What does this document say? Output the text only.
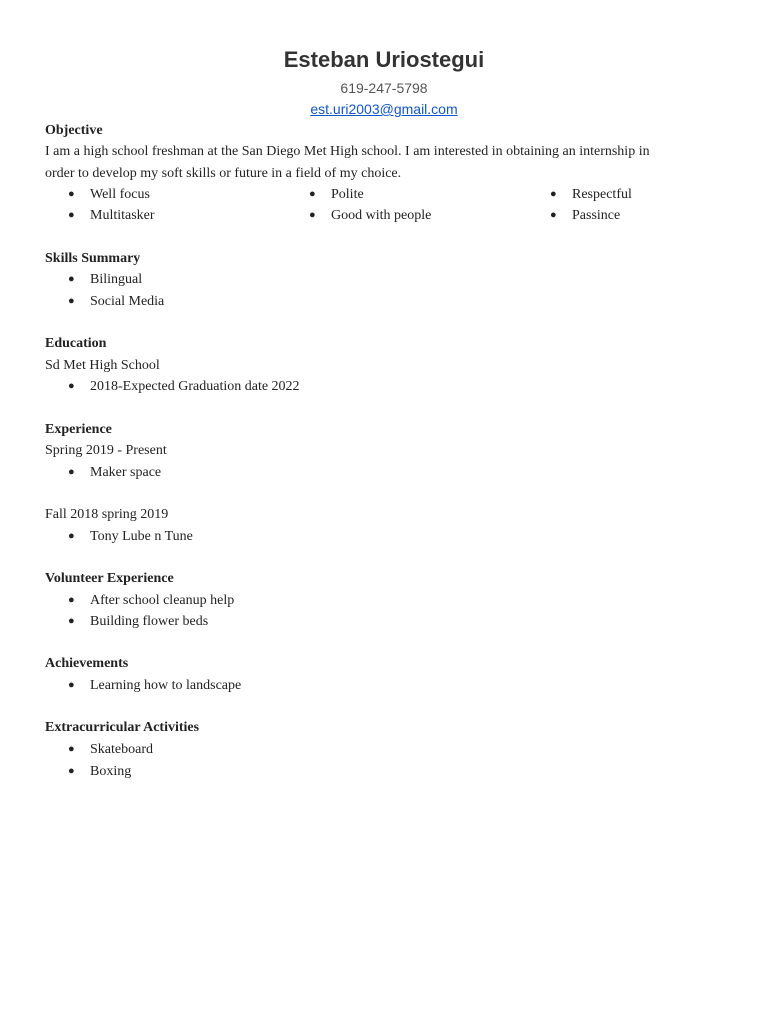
Esteban Uriostegui
619-247-5798
est.uri2003@gmail.com
Objective
I am a high school freshman at the San Diego Met High school. I am interested in obtaining an internship in
order to develop my soft skills or future in a field of my choice.
● Well focus	● Polite	● Respectful
● Multitasker	● Good with people	● Passince
Skills Summary
● Bilingual
● Social Media
Education
Sd Met High School
● 2018-Expected Graduation date 2022
Experience
Spring 2019 - Present
● Maker space
Fall 2018 spring 2019
● Tony Lube n Tune
Volunteer Experience
● After school cleanup help
● Building flower beds
Achievements
● Learning how to landscape
Extracurricular Activities
● Skateboard
● Boxing
